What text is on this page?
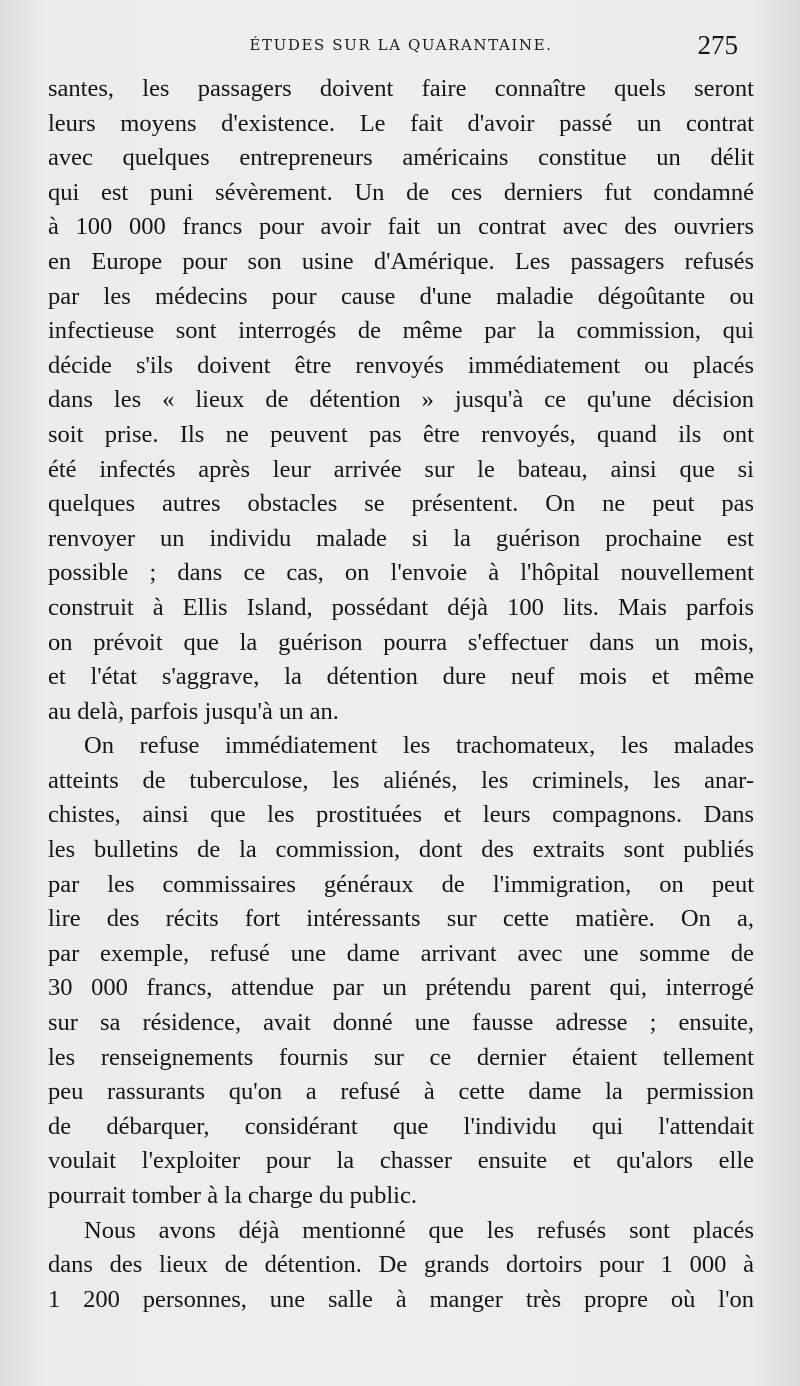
ÉTUDES SUR LA QUARANTAINE.	275
santes, les passagers doivent faire connaître quels seront
leurs moyens d'existence. Le fait d'avoir passé un contrat
avec quelques entrepreneurs américains constitue un délit
qui est puni sévèrement. Un de ces derniers fut condamné
à 100 000 francs pour avoir fait un contrat avec des ouvriers
en Europe pour son usine d'Amérique. Les passagers refusés
par les médecins pour cause d'une maladie dégoûtante ou
infectieuse sont interrogés de même par la commission, qui
décide s'ils doivent être renvoyés immédiatement ou placés
dans les « lieux de détention » jusqu'à ce qu'une décision
soit prise. Ils ne peuvent pas être renvoyés, quand ils ont
été infectés après leur arrivée sur le bateau, ainsi que si
quelques autres obstacles se présentent. On ne peut pas
renvoyer un individu malade si la guérison prochaine est
possible ; dans ce cas, on l'envoie à l'hôpital nouvellement
construit à Ellis Island, possédant déjà 100 lits. Mais parfois
on prévoit que la guérison pourra s'effectuer dans un mois,
et l'état s'aggrave, la détention dure neuf mois et même
au delà, parfois jusqu'à un an.
On refuse immédiatement les trachomateux, les malades
atteints de tuberculose, les aliénés, les criminels, les anar-
chistes, ainsi que les prostituées et leurs compagnons. Dans
les bulletins de la commission, dont des extraits sont publiés
par les commissaires généraux de l'immigration, on peut
lire des récits fort intéressants sur cette matière. On a,
par exemple, refusé une dame arrivant avec une somme de
30 000 francs, attendue par un prétendu parent qui, interrogé
sur sa résidence, avait donné une fausse adresse ; ensuite,
les renseignements fournis sur ce dernier étaient tellement
peu rassurants qu'on a refusé à cette dame la permission
de débarquer, considérant que l'individu qui l'attendait
voulait l'exploiter pour la chasser ensuite et qu'alors elle
pourrait tomber à la charge du public.
Nous avons déjà mentionné que les refusés sont placés
dans des lieux de détention. De grands dortoirs pour 1 000 à
1 200 personnes, une salle à manger très propre où l'on
